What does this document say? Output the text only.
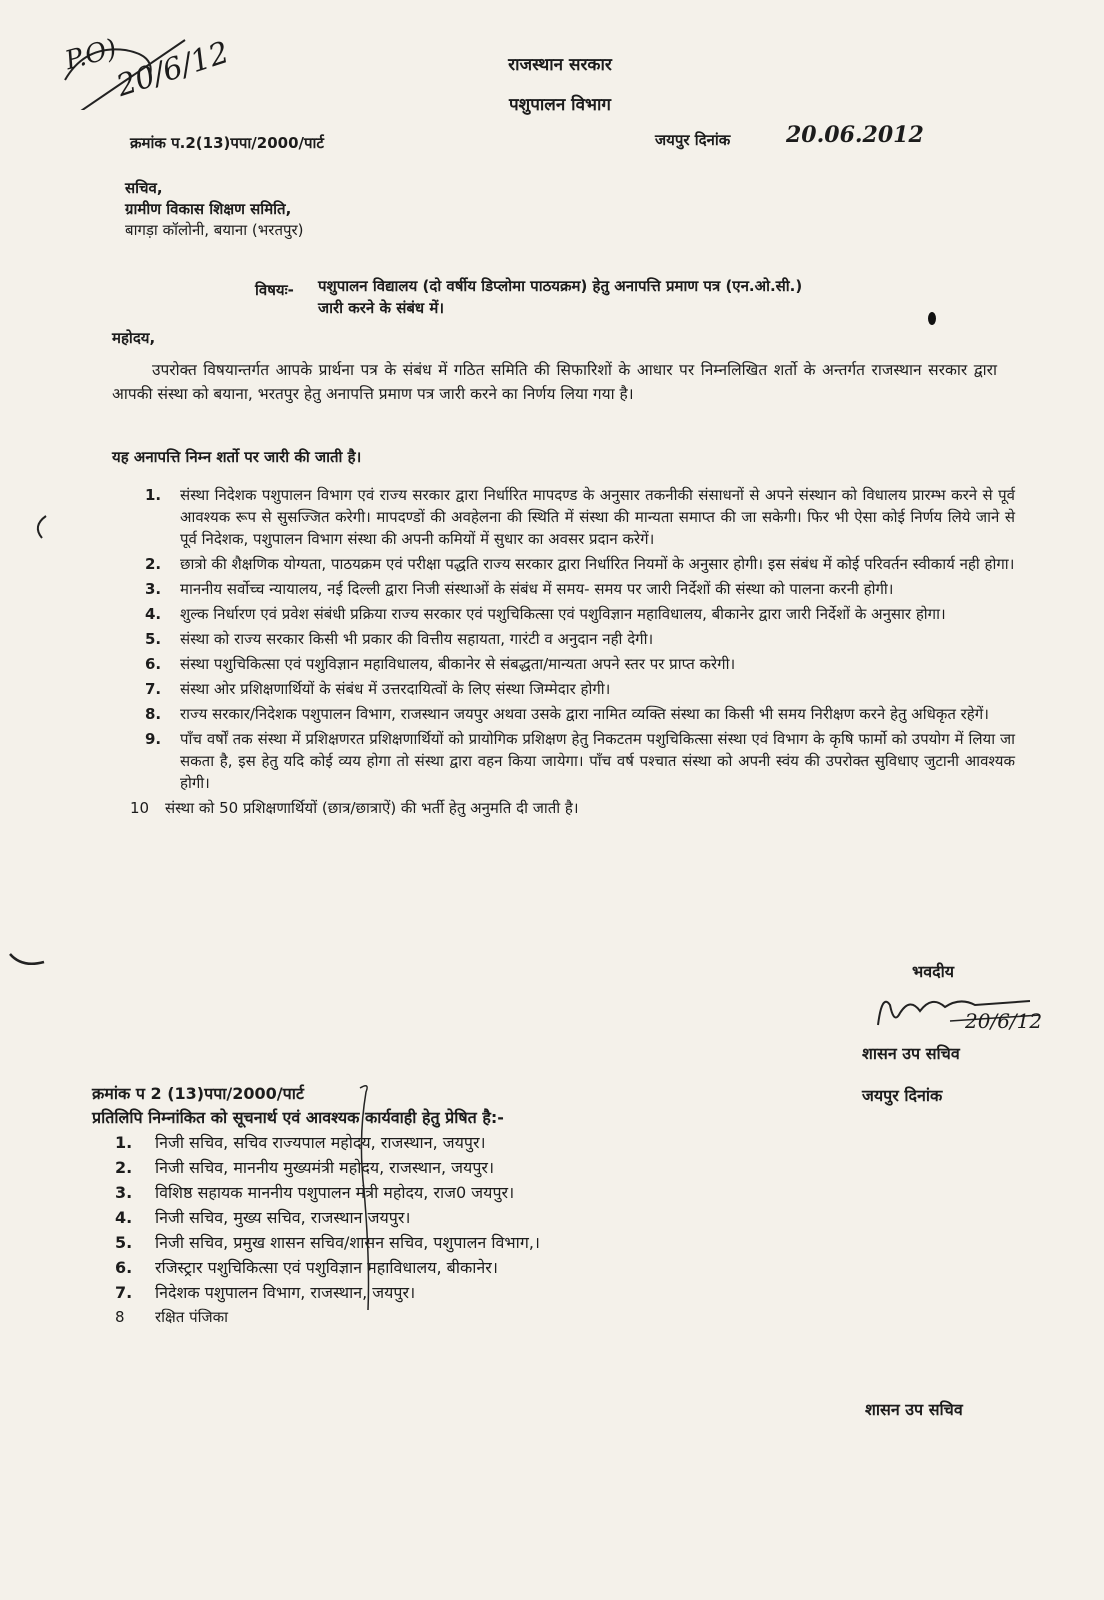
P.O)
20/6/12	राजस्थान सरकार
पशुपालन विभाग
क्रमांक प.2(13)पपा/2000/पार्ट	जयपुर दिनांक	20.06.2012
सचिव,
ग्रामीण विकास शिक्षण समिति,
बागड़ा कॉलोनी, बयाना (भरतपुर)
विषयः- पशुपालन विद्यालय (दो वर्षीय डिप्लोमा पाठयक्रम) हेतु अनापत्ति प्रमाण पत्र (एन.ओ.सी.)
जारी करने के संबंध में।
महोदय,
उपरोक्त विषयान्तर्गत आपके प्रार्थना पत्र के संबंध में गठित समिति की सिफारिशों के आधार पर निम्नलिखित शर्तो के अन्तर्गत राजस्थान सरकार द्वारा आपकी संस्था को बयाना, भरतपुर हेतु अनापत्ति प्रमाण पत्र जारी करने का निर्णय लिया गया है।
यह अनापत्ति निम्न शर्तो पर जारी की जाती है।
1.	संस्था निदेशक पशुपालन विभाग एवं राज्य सरकार द्वारा निर्धारित मापदण्ड के अनुसार तकनीकी संसाधनों से अपने संस्थान को विधालय प्रारम्भ करने से पूर्व आवश्यक रूप से सुसज्जित करेगी। मापदण्डों की अवहेलना की स्थिति में संस्था की मान्यता समाप्त की जा सकेगी। फिर भी ऐसा कोई निर्णय लिये जाने से पूर्व निदेशक, पशुपालन विभाग संस्था की अपनी कमियों में सुधार का अवसर प्रदान करेगें।
2.	छात्रो की शैक्षणिक योग्यता, पाठयक्रम एवं परीक्षा पद्धति राज्य सरकार द्वारा निर्धारित नियमों के अनुसार होगी। इस संबंध में कोई परिवर्तन स्वीकार्य नही होगा।
3.	माननीय सर्वोच्च न्यायालय, नई दिल्ली द्वारा निजी संस्थाओं के संबंध में समय- समय पर जारी निर्देशों की संस्था को पालना करनी होगी।
4.	शुल्क निर्धारण एवं प्रवेश संबंधी प्रक्रिया राज्य सरकार एवं पशुचिकित्सा एवं पशुविज्ञान महाविधालय, बीकानेर द्वारा जारी निर्देशों के अनुसार होगा।
5.	संस्था को राज्य सरकार किसी भी प्रकार की वित्तीय सहायता, गारंटी व अनुदान नही देगी।
6.	संस्था पशुचिकित्सा एवं पशुविज्ञान महाविधालय, बीकानेर से संबद्धता/मान्यता अपने स्तर पर प्राप्त करेगी।
7.	संस्था ओर प्रशिक्षणार्थियों के संबंध में उत्तरदायित्वों के लिए संस्था जिम्मेदार होगी।
8.	राज्य सरकार/निदेशक पशुपालन विभाग, राजस्थान जयपुर अथवा उसके द्वारा नामित व्यक्ति संस्था का किसी भी समय निरीक्षण करने हेतु अधिकृत रहेगें।
9.	पाँच वर्षों तक संस्था में प्रशिक्षणरत प्रशिक्षणार्थियों को प्रायोगिक प्रशिक्षण हेतु निकटतम पशुचिकित्सा संस्था एवं विभाग के कृषि फार्मो को उपयोग में लिया जा सकता है, इस हेतु यदि कोई व्यय होगा तो संस्था द्वारा वहन किया जायेगा। पाँच वर्ष पश्चात संस्था को अपनी स्वंय की उपरोक्त सुविधाए जुटानी आवश्यक होगी।
10	संस्था को 50 प्रशिक्षणार्थियों (छात्र/छात्राऐं) की भर्ती हेतु अनुमति दी जाती है।
भवदीय
20/6/12
शासन उप सचिव
क्रमांक प 2 (13)पपा/2000/पार्ट	जयपुर दिनांक
प्रतिलिपि निम्नांकित को सूचनार्थ एवं आवश्यक कार्यवाही हेतु प्रेषित है:-
1.	निजी सचिव, सचिव राज्यपाल महोदय, राजस्थान, जयपुर।
2.	निजी सचिव, माननीय मुख्यमंत्री महोदय, राजस्थान, जयपुर।
3.	विशिष्ठ सहायक माननीय पशुपालन मंत्री महोदय, राज0 जयपुर।
4.	निजी सचिव, मुख्य सचिव, राजस्थान जयपुर।
5.	निजी सचिव, प्रमुख शासन सचिव/शासन सचिव, पशुपालन विभाग,।
6.	रजिस्ट्रार पशुचिकित्सा एवं पशुविज्ञान महाविधालय, बीकानेर।
7.	निदेशक पशुपालन विभाग, राजस्थान, जयपुर।
8	रक्षित पंजिका
शासन उप सचिव
